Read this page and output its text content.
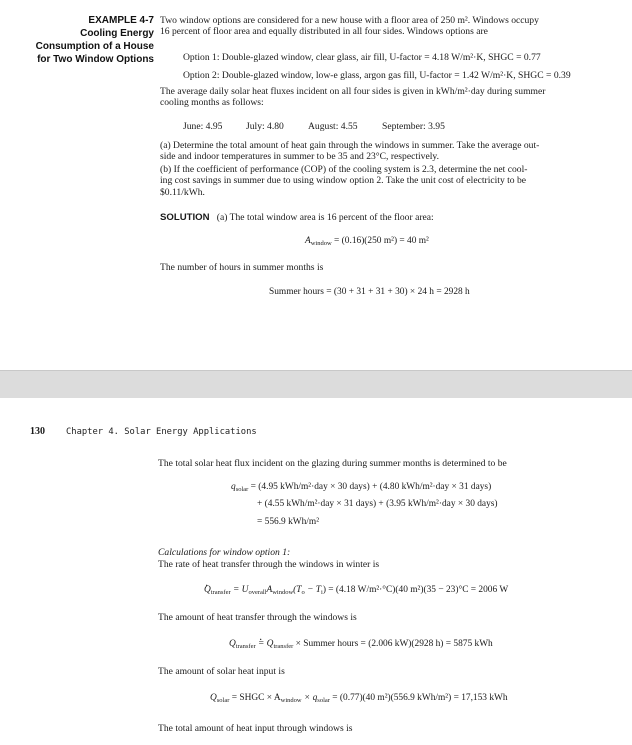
EXAMPLE 4-7
Cooling Energy
Consumption of a House
for Two Window Options
Two window options are considered for a new house with a floor area of 250 m². Windows occupy
16 percent of floor area and equally distributed in all four sides. Windows options are
Option 1: Double-glazed window, clear glass, air fill, U-factor = 4.18 W/m²·K, SHGC = 0.77
Option 2: Double-glazed window, low-e glass, argon gas fill, U-factor = 1.42 W/m²·K, SHGC = 0.39
The average daily solar heat fluxes incident on all four sides is given in kWh/m²·day during summer
cooling months as follows:
June: 4.95 July: 4.80	August: 4.55	September: 3.95
(a) Determine the total amount of heat gain through the windows in summer. Take the average out-
side and indoor temperatures in summer to be 35 and 23°C, respectively.
(b) If the coefficient of performance (COP) of the cooling system is 2.3, determine the net cool-
ing cost savings in summer due to using window option 2. Take the unit cost of electricity to be
$0.11/kWh.
SOLUTION (a) The total window area is 16 percent of the floor area:
$A_{window} = (0.16)(250$ m²) = 40 m²
The number of hours in summer months is
Summer hours = (30 + 31 + 31 + 30) × 24 h = 2928 h
130 Chapter 4. Solar Energy Applications
The total solar heat flux incident on the glazing during summer months is determined to be
$q_{solar} = (4.95$ kWh/m²·day × 30 days) + (4.80 kWh/m²·day × 31 days)
+ (4.55 kWh/m²·day × 31 days) + (3.95 kWh/m²·day × 30 days)
= 556.9 kWh/m²
Calculations for window option 1:
The rate of heat transfer through the windows in winter is
· $Q_{transfer} = U_{overall}A_{window}(T_o - T_i) = (4.18$ W/m²·°C)(40 m²)(35 − 23)°C = 2006 W
The amount of heat transfer through the windows is
$Q_{transfer}$ · = $Q_{transfer}$ × Summer hours = (2.006 kW)(2928 h) = 5875 kWh
The amount of solar heat input is
$Q_{solar}$ = SHGC × $A_{window} \times q_{solar} = (0.77)(40$ m²)(556.9 kWh/m²) = 17,153 kWh
The total amount of heat input through windows is
